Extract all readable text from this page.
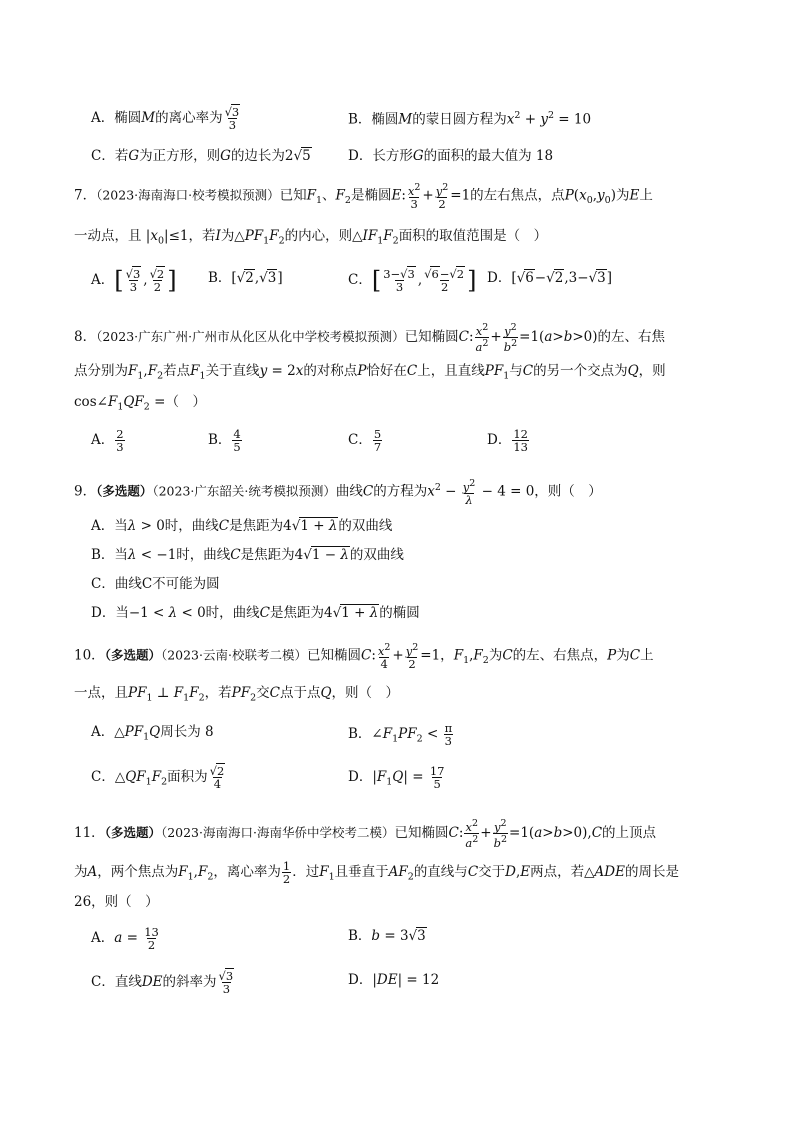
A．椭圆M的离心率为 $\frac{√3}{3}$	B．椭圆M的蒙日圆方程为$x^2 + y^2 = 10$
C．若G为正方形，则G的边长为2√5	D．长方形G的面积的最大值为 18
7．（2023·海南海口·校考模拟预测）已知$F_1$、$F_2$是椭圆E: $\frac{x^2}{3} + \frac{y^2}{2} =1$的左右焦点，点$P(x_0,y_0)$为E上
一动点，且 $|x_0|\le 1$，若I为$\triangle PF_1F_2$的内心，则$\triangle IF_1F_2$面积的取值范围是（　）
A．[ $\frac{√3}{3}$ , $\frac{√2}{2}$ ] B．[√2,√3]	C．[ $\frac{3-√3}{3}$ , $\frac{√6-√2}{2}$ ] D．[√6−√2,3−√3]
8．（2023·广东广州·广州市从化区从化中学校考模拟预测）已知椭圆C: $\frac{x^2}{a^2} + \frac{y^2}{b^2} =1(a>b>0)$的左、右焦
点分别为$F_1,F_2$若点$F_1$关于直线y = 2x的对称点P恰好在C上，且直线$PF_1$与C的另一个交点为Q，则
$\cos\angle F_1QF_2$ =（　）
A． $\frac{2}{3}$	B． $\frac{4}{5}$	C． $\frac{5}{7}$	D． $\frac{12}{13}$
9．（多选题）（2023·广东韶关·统考模拟预测）曲线C的方程为$x^2 - \frac{y^2}{\lambda} - 4 = 0$，则（　）
A．当λ > 0时，曲线C是焦距为4√1 + λ的双曲线
B．当λ < −1时，曲线C是焦距为4√1 − λ的双曲线
C．曲线C不可能为圆
D．当−1 < λ < 0时，曲线C是焦距为4√1 + λ的椭圆
10．（多选题）（2023·云南·校联考二模）已知椭圆C: $\frac{x^2}{4} + \frac{y^2}{2} =1$，$F_1,F_2$为C的左、右焦点，P为C上
一点，且$PF_1$ ⊥ $F_1F_2$，若$PF_2$交C点于点Q，则（　）
A．$\triangle PF_1Q$周长为 8	B．$\angle F_1PF_2 < \frac{\pi}{3}$
C．$\triangle QF_1F_2$面积为 $\frac{√2}{4}$	D．$|F_1Q| = \frac{17}{5}$
11．（多选题）（2023·海南海口·海南华侨中学校考二模）已知椭圆C: $\frac{x^2}{a^2} + \frac{y^2}{b^2} =1(a>b>0),C$的上顶点
为A，两个焦点为$F_1,F_2$，离心率为 $\frac{1}{2}$ ．过$F_1$且垂直于$AF_2$的直线与C交于D,E两点，若△ADE的周长是
26，则（　）
A．$a = \frac{13}{2}$	B．b = 3√3
C．直线DE的斜率为 $\frac{√3}{3}$	D．|DE| = 12
